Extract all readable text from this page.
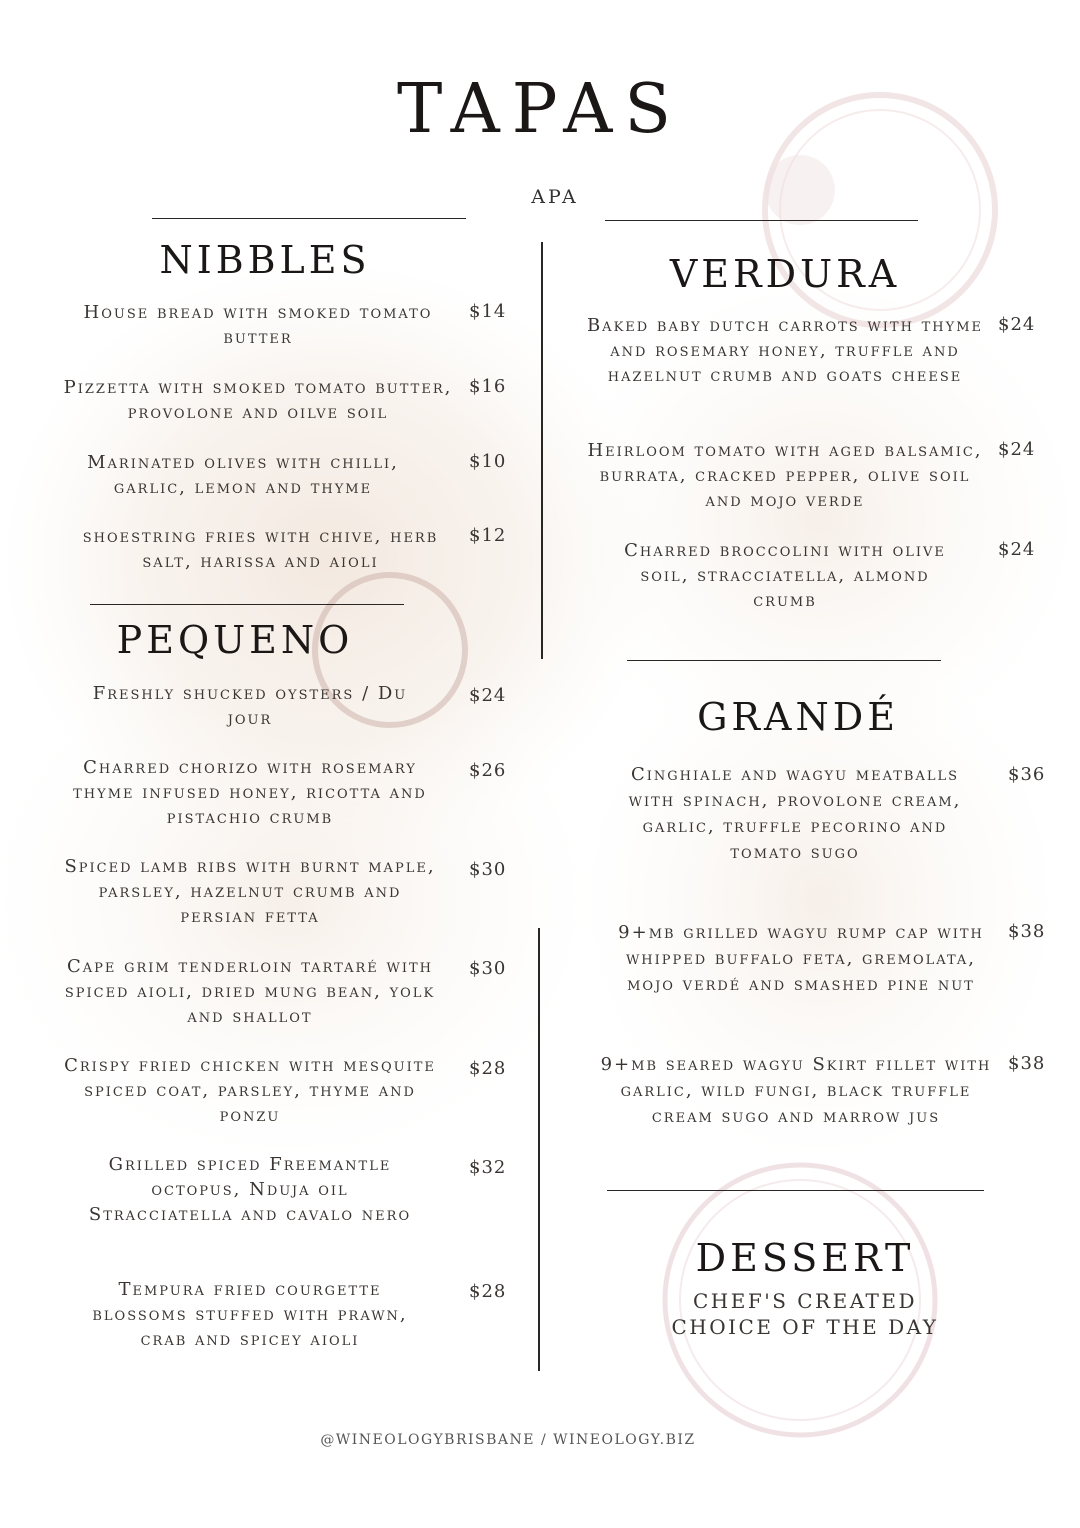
TAPAS
APA
NIBBLES
House bread with smoked tomato butter
$14
Pizzetta with smoked tomato butter, provolone and oilve soil
$16
Marinated olives with chilli, garlic, lemon and thyme
$10
shoestring fries with chive, herb salt, harissa and aioli
$12
PEQUENO
Freshly shucked oysters / Du jour
$24
Charred chorizo with rosemary thyme infused honey, ricotta and pistachio crumb
$26
Spiced lamb ribs with burnt maple, parsley, hazelnut crumb and persian fetta
$30
Cape grim tenderloin tartaré with spiced aioli, dried mung bean, yolk and shallot
$30
Crispy fried chicken with mesquite spiced coat, parsley, thyme and ponzu
$28
Grilled spiced Freemantle octopus, Nduja oil Stracciatella and cavalo nero
$32
Tempura fried courgette blossoms stuffed with prawn, crab and spicey aioli
$28
VERDURA
Baked baby dutch carrots with thyme and rosemary honey, truffle and hazelnut crumb and goats cheese
$24
Heirloom tomato with aged balsamic, burrata, cracked pepper, olive soil and mojo verde
$24
Charred broccolini with olive soil, stracciatella, almond crumb
$24
GRANDÉ
Cinghiale and wagyu meatballs with spinach, provolone cream, garlic, truffle pecorino and tomato sugo
$36
9+mb grilled wagyu rump cap with whipped buffalo feta, gremolata, mojo verdé and smashed pine nut
$38
9+mb seared wagyu Skirt fillet with garlic, wild fungi, black truffle cream sugo and marrow jus
$38
DESSERT
CHEF'S CREATED CHOICE OF THE DAY
@WINEOLOGYBRISBANE / WINEOLOGY.BIZ
